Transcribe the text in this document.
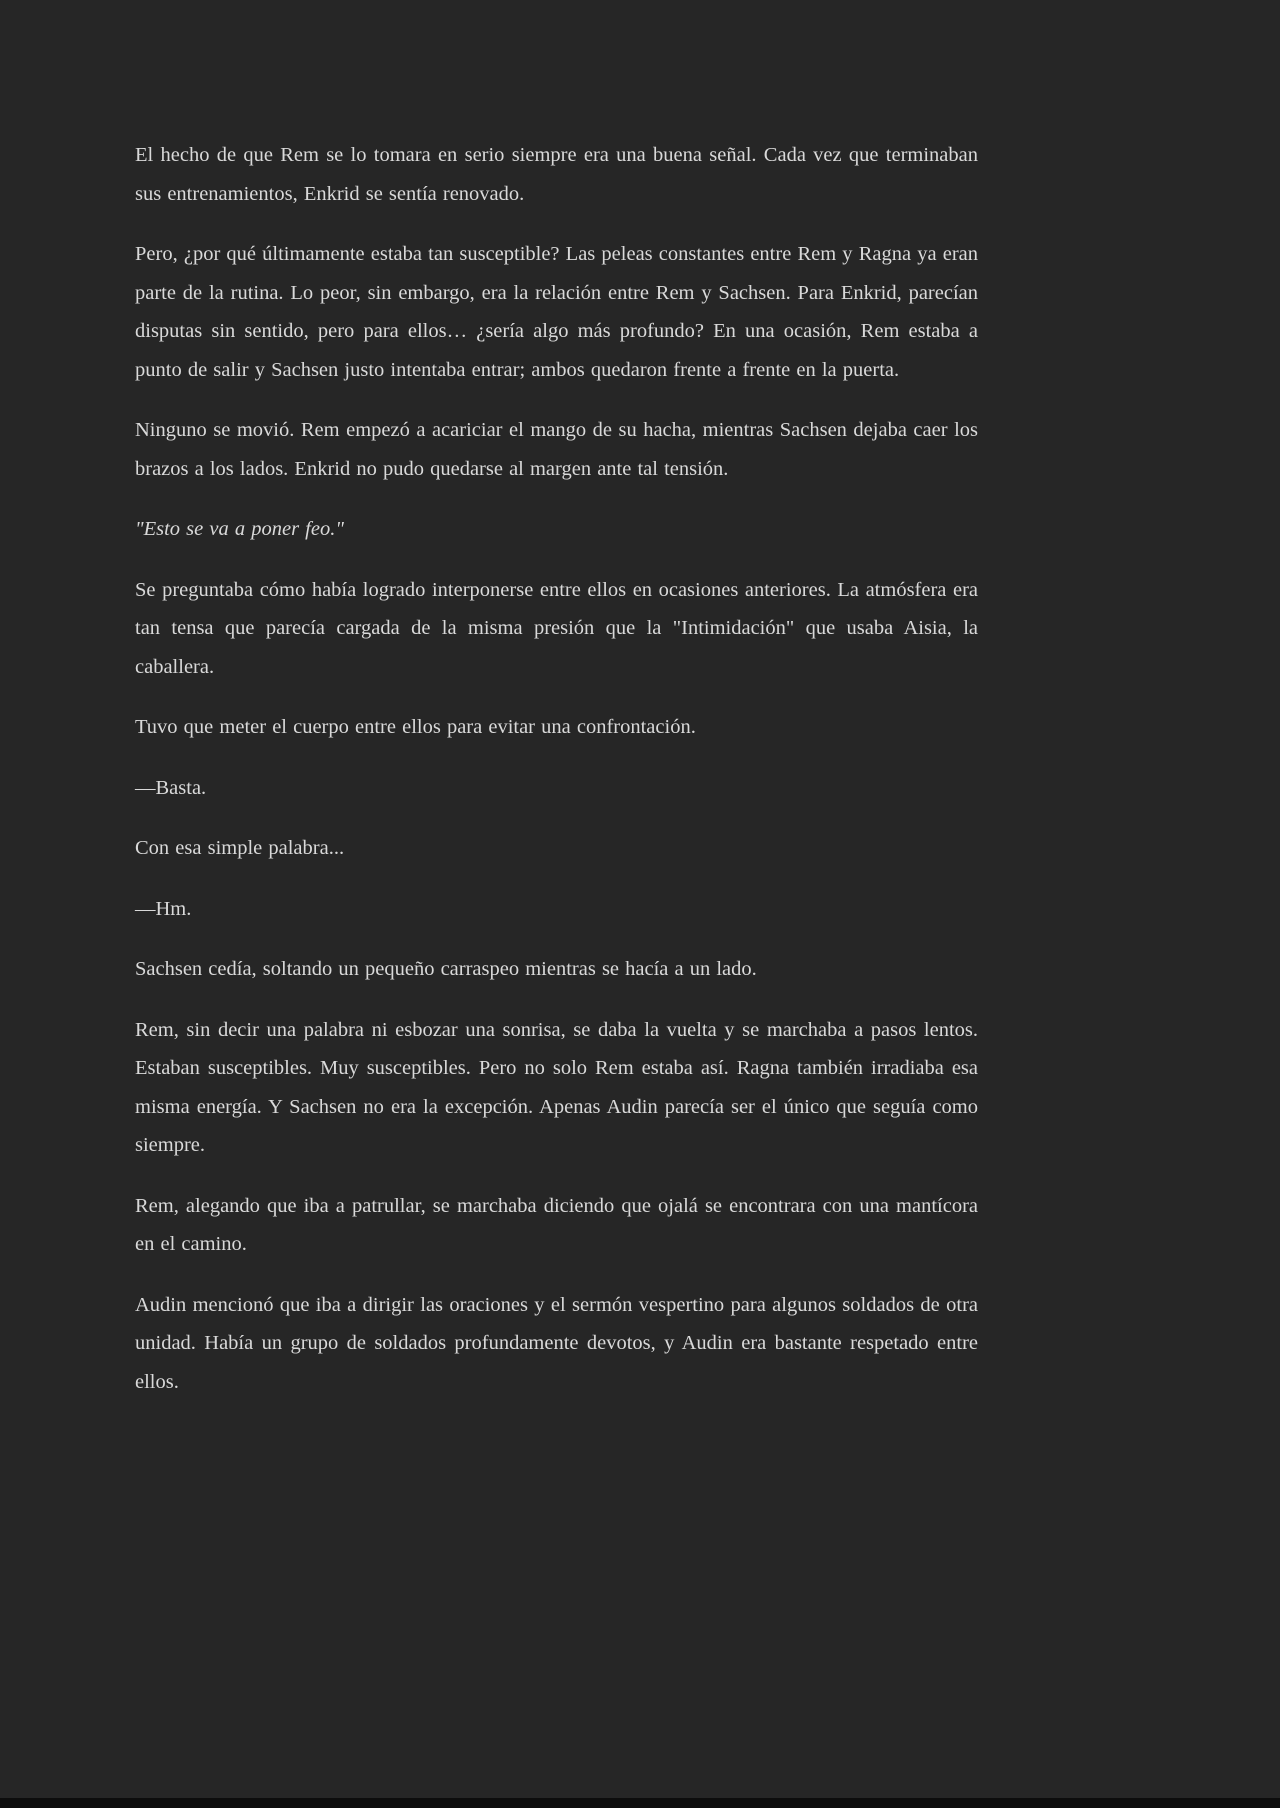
El hecho de que Rem se lo tomara en serio siempre era una buena señal. Cada vez que terminaban sus entrenamientos, Enkrid se sentía renovado.

Pero, ¿por qué últimamente estaba tan susceptible? Las peleas constantes entre Rem y Ragna ya eran parte de la rutina. Lo peor, sin embargo, era la relación entre Rem y Sachsen. Para Enkrid, parecían disputas sin sentido, pero para ellos… ¿sería algo más profundo? En una ocasión, Rem estaba a punto de salir y Sachsen justo intentaba entrar; ambos quedaron frente a frente en la puerta.

Ninguno se movió. Rem empezó a acariciar el mango de su hacha, mientras Sachsen dejaba caer los brazos a los lados. Enkrid no pudo quedarse al margen ante tal tensión.

"Esto se va a poner feo."

Se preguntaba cómo había logrado interponerse entre ellos en ocasiones anteriores. La atmósfera era tan tensa que parecía cargada de la misma presión que la "Intimidación" que usaba Aisia, la caballera.

Tuvo que meter el cuerpo entre ellos para evitar una confrontación.

—Basta.

Con esa simple palabra...

—Hm.

Sachsen cedía, soltando un pequeño carraspeo mientras se hacía a un lado.

Rem, sin decir una palabra ni esbozar una sonrisa, se daba la vuelta y se marchaba a pasos lentos. Estaban susceptibles. Muy susceptibles. Pero no solo Rem estaba así. Ragna también irradiaba esa misma energía. Y Sachsen no era la excepción. Apenas Audin parecía ser el único que seguía como siempre.

Rem, alegando que iba a patrullar, se marchaba diciendo que ojalá se encontrara con una mantícora en el camino.

Audin mencionó que iba a dirigir las oraciones y el sermón vespertino para algunos soldados de otra unidad. Había un grupo de soldados profundamente devotos, y Audin era bastante respetado entre ellos.
